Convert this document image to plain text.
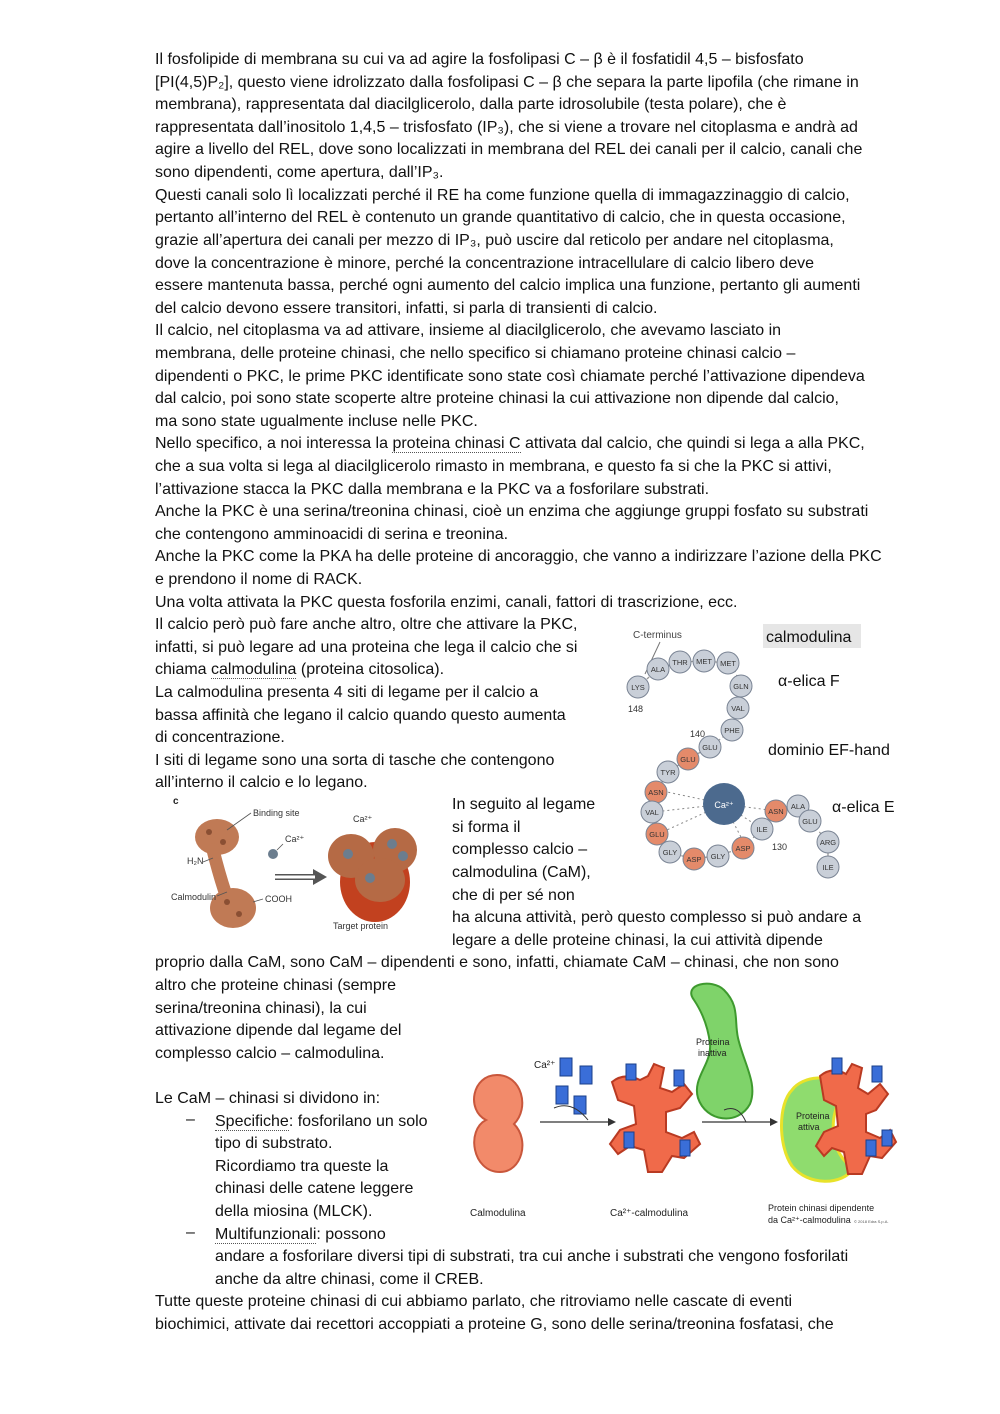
Il fosfolipide di membrana su cui va ad agire la fosfolipasi C – β è il fosfatidil 4,5 – bisfosfato
[PI(4,5)P₂], questo viene idrolizzato dalla fosfolipasi C – β che separa la parte lipofila (che rimane in
membrana), rappresentata dal diacilglicerolo, dalla parte idrosolubile (testa polare), che è
rappresentata dall’inositolo 1,4,5 – trisfosfato (IP₃), che si viene a trovare nel citoplasma e andrà ad
agire a livello del REL, dove sono localizzati in membrana del REL dei canali per il calcio, canali che
sono dipendenti, come apertura, dall’IP₃.
Questi canali solo lì localizzati perché il RE ha come funzione quella di immagazzinaggio di calcio,
pertanto all’interno del REL è contenuto un grande quantitativo di calcio, che in questa occasione,
grazie all’apertura dei canali per mezzo di IP₃, può uscire dal reticolo per andare nel citoplasma,
dove la concentrazione è minore, perché la concentrazione intracellulare di calcio libero deve
essere mantenuta bassa, perché ogni aumento del calcio implica una funzione, pertanto gli aumenti
del calcio devono essere transitori, infatti, si parla di transienti di calcio.
Il calcio, nel citoplasma va ad attivare, insieme al diacilglicerolo, che avevamo lasciato in
membrana, delle proteine chinasi, che nello specifico si chiamano proteine chinasi calcio –
dipendenti o PKC, le prime PKC identificate sono state così chiamate perché l’attivazione dipendeva
dal calcio, poi sono state scoperte altre proteine chinasi la cui attivazione non dipende dal calcio,
ma sono state ugualmente incluse nelle PKC.
Nello specifico, a noi interessa la proteina chinasi C attivata dal calcio, che quindi si lega a alla PKC,
che a sua volta si lega al diacilglicerolo rimasto in membrana, e questo fa si che la PKC si attivi,
l’attivazione stacca la PKC dalla membrana e la PKC va a fosforilare substrati.
Anche la PKC è una serina/treonina chinasi, cioè un enzima che aggiunge gruppi fosfato su substrati
che contengono amminoacidi di serina e treonina.
Anche la PKC come la PKA ha delle proteine di ancoraggio, che vanno a indirizzare l’azione della PKC
e prendono il nome di RACK.
Una volta attivata la PKC questa fosforila enzimi, canali, fattori di trascrizione, ecc.
Il calcio però può fare anche altro, oltre che attivare la PKC,
infatti, si può legare ad una proteina che lega il calcio che si
chiama calmodulina (proteina citosolica).
La calmodulina presenta 4 siti di legame per il calcio a
bassa affinità che legano il calcio quando questo aumenta
di concentrazione.
I siti di legame sono una sorta di tasche che contengono
all’interno il calcio e lo legano.
calmodulina
C-terminus
LYS
ALA
THR MET MET
GLN
VAL
PHE
GLU
GLU
TYR
ASN
VAL
GLU
GLY
ASP GLY
ASP
ILE
ASN
ALA
GLU
ARG
ILE
Ca²⁺
148
140
130
α-elica F
dominio EF-hand
α-elica E
c
Binding site
Ca²⁺
H₂N
COOH
Calmodulin
Ca²⁺
Target protein
In seguito al legame
si forma il
complesso calcio –
calmodulina (CaM),
che di per sé non
ha alcuna attività, però questo complesso si può andare a
legare a delle proteine chinasi, la cui attività dipende
proprio dalla CaM, sono CaM – dipendenti e sono, infatti, chiamate CaM – chinasi, che non sono
altro che proteine chinasi (sempre
serina/treonina chinasi), la cui
attivazione dipende dal legame del
complesso calcio – calmodulina.
Le CaM – chinasi si dividono in:
– Specifiche: fosforilano un solo
tipo di substrato.
Ricordiamo tra queste la
chinasi delle catene leggere
della miosina (MLCK).
– Multifunzionali: possono
andare a fosforilare diversi tipi di substrati, tra cui anche i substrati che vengono fosforilati
anche da altre chinasi, come il CREB.
Tutte queste proteine chinasi di cui abbiamo parlato, che ritroviamo nelle cascate di eventi
biochimici, attivate dai recettori accoppiati a proteine G, sono delle serina/treonina fosfatasi, che
Calmodulina
Ca²⁺
Ca²⁺-calmodulina
Proteina
inattiva
Proteina
attiva
Protein chinasi dipendente
da Ca²⁺-calmodulina © 2018 Edra S.p.A.
